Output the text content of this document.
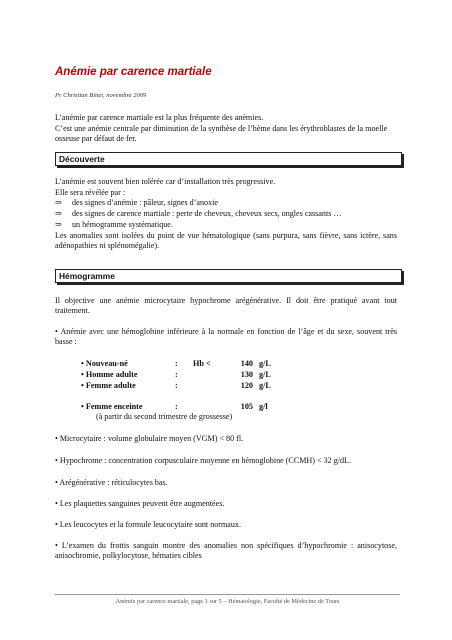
Anémie par carence martiale
Pr Christian Binet, novembre 2009
L’anémie par carence martiale est la plus fréquente des anémies.
C’est une anémie centrale par diminution de la synthèse de l’hème dans les érythroblastes de la moelle osseuse par défaut de fer.
Découverte
L’anémie est souvent bien tolérée car d’installation très progressive.
Elle sera révélée par :
⇒ des signes d’anémie : pâleur, signes d’anoxie
⇒ des signes de carence martiale : perte de cheveux, cheveux secs, ongles cassants …
⇒ un hémogramme systématique.
Les anomalies sont isolées du point de vue hématologique (sans purpura, sans fièvre, sans ictère, sans adénopathies ni splénomégalie).
Hémogramme
Il objective une anémie microcytaire hypochrome arégénérative. Il doit être pratiqué avant tout traitement.
• Anémie avec une hémoglobine inférieure à la normale en fonction de l’âge et du sexe, souvent très basse :
• Nouveau-né	: Hb <	140 g/L
• Homme adulte	:	130 g/L
• Femme adulte	:	120 g/L
• Femme enceinte	:	105 g/l
(à partir du second trimestre de grossesse)
• Microcytaire : volume globulaire moyen (VGM) < 80 fl.
• Hypochrome : concentration corpusculaire moyenne en hémoglobine (CCMH) < 32 g/dL.
• Arégénérative : réticulocytes bas.
• Les plaquettes sanguines peuvent être augmentées.
• Les leucocytes et la formule leucocytaire sont normaux.
• L’examen du frottis sanguin montre des anomalies non spécifiques d’hypochromie : anisocytose, anisochromie, polkylocytose, hématies cibles
Anémie par carence martiale, page 1 sur 5 – Hématologie, Faculté de Médecine de Tours
